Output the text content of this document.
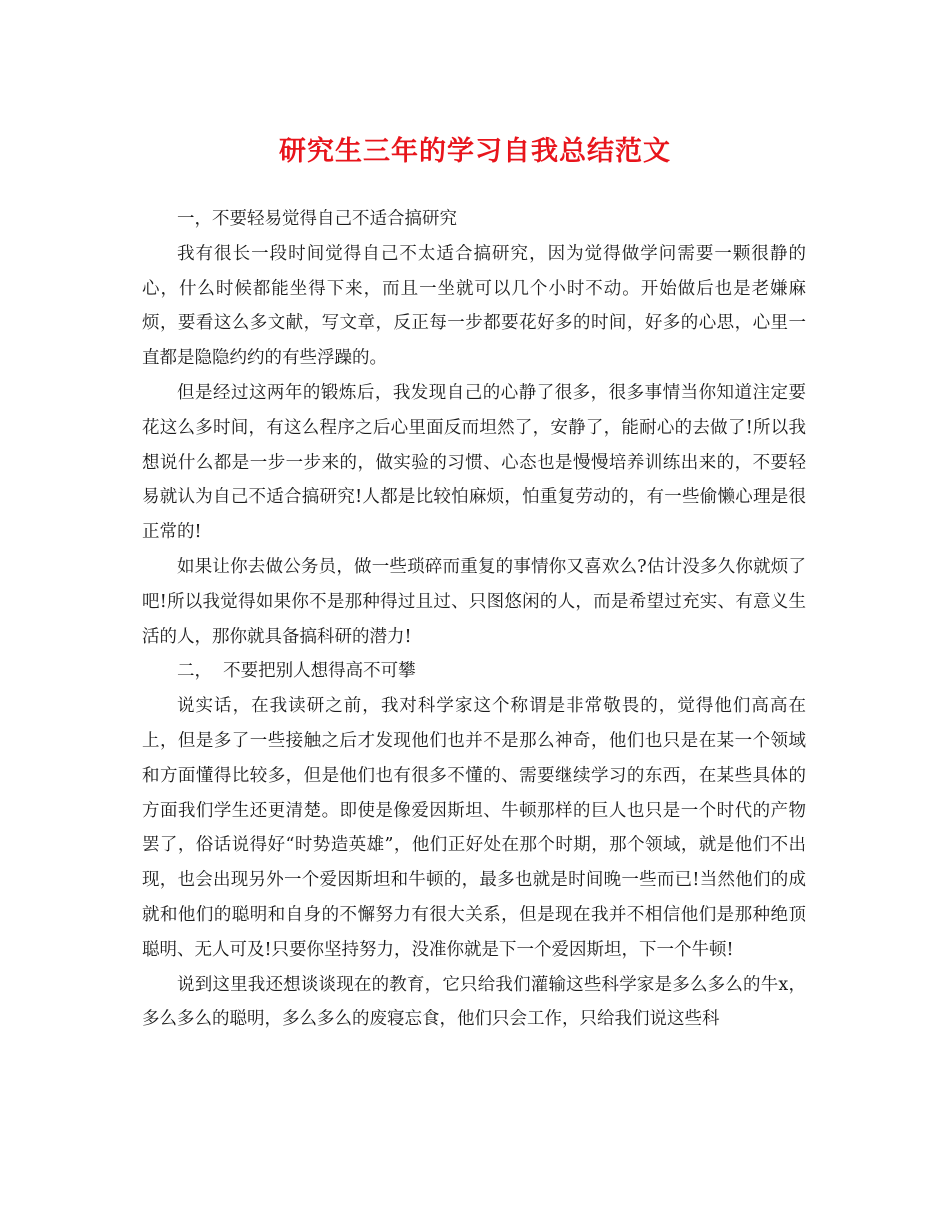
研究生三年的学习自我总结范文

一，不要轻易觉得自己不适合搞研究

我有很长一段时间觉得自己不太适合搞研究，因为觉得做学问需要一颗很静的心，什么时候都能坐得下来，而且一坐就可以几个小时不动。开始做后也是老嫌麻烦，要看这么多文献，写文章，反正每一步都要花好多的时间，好多的心思，心里一直都是隐隐约约的有些浮躁的。

但是经过这两年的锻炼后，我发现自己的心静了很多，很多事情当你知道注定要花这么多时间，有这么程序之后心里面反而坦然了，安静了，能耐心的去做了!所以我想说什么都是一步一步来的，做实验的习惯、心态也是慢慢培养训练出来的，不要轻易就认为自己不适合搞研究!人都是比较怕麻烦，怕重复劳动的，有一些偷懒心理是很正常的!

如果让你去做公务员，做一些琐碎而重复的事情你又喜欢么?估计没多久你就烦了吧!所以我觉得如果你不是那种得过且过、只图悠闲的人，而是希望过充实、有意义生活的人，那你就具备搞科研的潜力!

二，  不要把别人想得高不可攀

说实话，在我读研之前，我对科学家这个称谓是非常敬畏的，觉得他们高高在上，但是多了一些接触之后才发现他们也并不是那么神奇，他们也只是在某一个领域和方面懂得比较多，但是他们也有很多不懂的、需要继续学习的东西，在某些具体的方面我们学生还更清楚。即使是像爱因斯坦、牛顿那样的巨人也只是一个时代的产物罢了，俗话说得好“时势造英雄”，他们正好处在那个时期，那个领域，就是他们不出现，也会出现另外一个爱因斯坦和牛顿的，最多也就是时间晚一些而已!当然他们的成就和他们的聪明和自身的不懈努力有很大关系，但是现在我并不相信他们是那种绝顶聪明、无人可及!只要你坚持努力，没准你就是下一个爱因斯坦，下一个牛顿!

说到这里我还想谈谈现在的教育，它只给我们灌输这些科学家是多么多么的牛x，多么多么的聪明，多么多么的废寝忘食，他们只会工作，只给我们说这些科
